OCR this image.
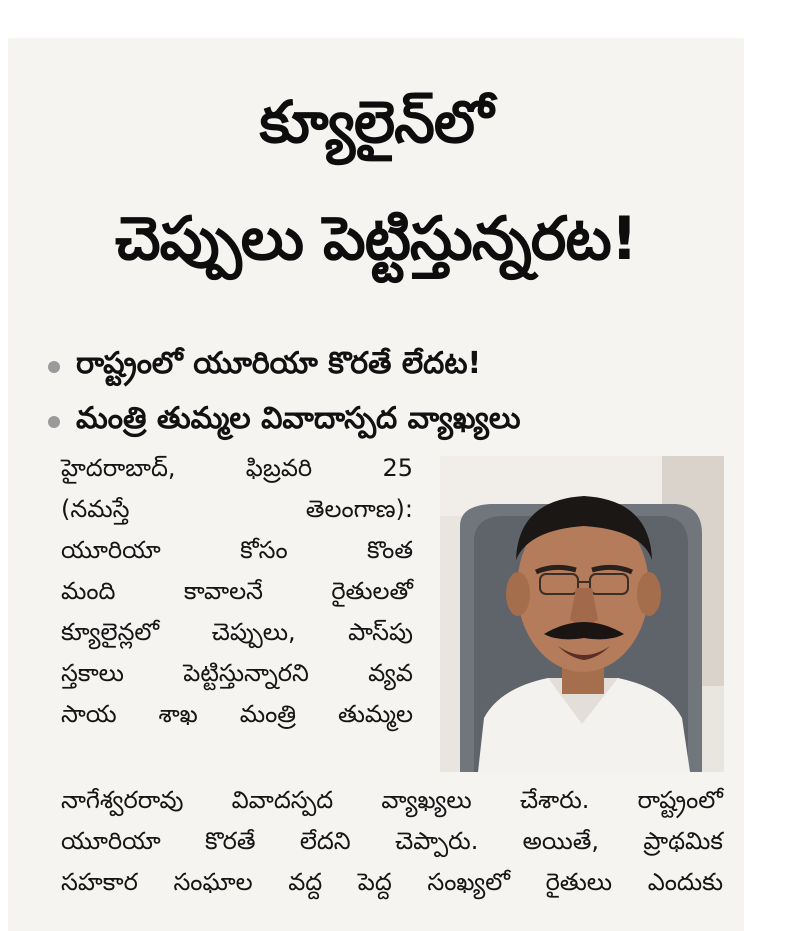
క్యూలైన్‌లో
చెప్పులు పెట్టిస్తున్నరట!
రాష్ట్రంలో యూరియా కొరతే లేదట!
మంత్రి తుమ్మల వివాదాస్పద వ్యాఖ్యలు
హైదరాబాద్,	ఫిబ్రవరి	25
(నమస్తే	తెలంగాణ):
యూరియా	కోసం	కొంత
మంది	కావాలనే	రైతులతో
క్యూలైన్లలో చెప్పులు, పాస్‌పు
స్తకాలు పెట్టిస్తున్నారని వ్యవ
సాయ శాఖ మంత్రి తుమ్మల
నాగేశ్వరరావు వివాదస్పద వ్యాఖ్యలు చేశారు. రాష్ట్రంలో
యూరియా కొరతే లేదని చెప్పారు. అయితే, ప్రాథమిక
సహకార సంఘాల వద్ద పెద్ద సంఖ్యలో రైతులు ఎందుకు
